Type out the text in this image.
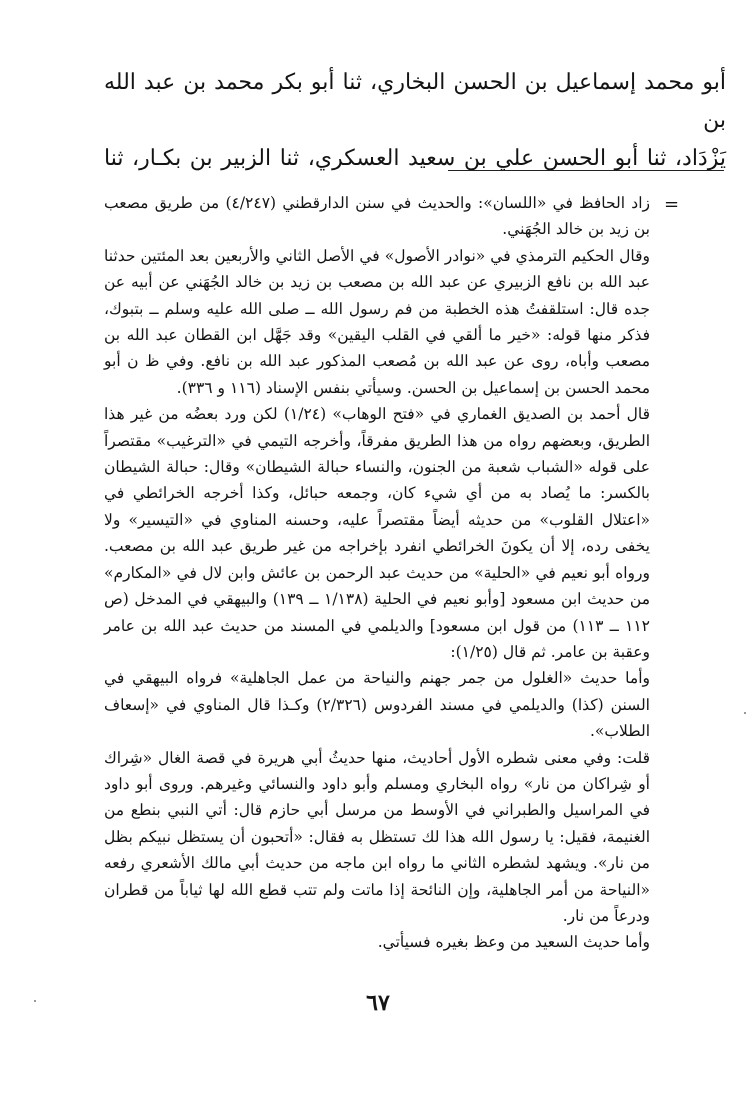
أبو محمد إسماعيل بن الحسن البخاري، ثنا أبو بكر محمد بن عبد الله بن

يَزْدَاد، ثنا أبو الحسن علي بن سعيد العسكري، ثنا الزبير بن بكـار، ثنا

=

زاد الحافظ في «اللسان»: والحديث في سنن الدارقطني (٤/٢٤٧) من طريق مصعب بن زيد بن خالد الجُهَني.

وقال الحكيم الترمذي في «نوادر الأصول» في الأصل الثاني والأربعين بعد المئتين حدثنا عبد الله بن نافع الزبيري عن عبد الله بن مصعب بن زيد بن خالد الجُهَني عن أبيه عن جده قال: استلقفتُ هذه الخطبة من فم رسول الله ــ صلى الله عليه وسلم ــ بتبوك، فذكر منها قوله: «خير ما ألقي في القلب اليقين» وقد جَهَّل ابن القطان عبد الله بن مصعب وأباه، روى عن عبد الله بن مُصعب المذكور عبد الله بن نافع. وفي ظ ن أبو محمد الحسن بن إسماعيل بن الحسن. وسيأتي بنفس الإسناد (١١٦ و ٣٣٦).

قال أحمد بن الصديق الغماري في «فتح الوهاب» (١/٢٤) لكن ورد بعضُه من غير هذا الطريق، وبعضهم رواه من هذا الطريق مفرقاً، وأخرجه التيمي في «الترغيب» مقتصراً على قوله «الشباب شعبة من الجنون، والنساء حبالة الشيطان» وقال: حبالة الشيطان بالكسر: ما يُصاد به من أي شيء كان، وجمعه حبائل، وكذا أخرجه الخرائطي في «اعتلال القلوب» من حديثه أيضاً مقتصراً عليه، وحسنه المناوي في «التيسير» ولا يخفى رده، إلا أن يكونَ الخرائطي انفرد بإخراجه من غير طريق عبد الله بن مصعب. ورواه أبو نعيم في «الحلية» من حديث عبد الرحمن بن عائش وابن لال في «المكارم» من حديث ابن مسعود [وأبو نعيم في الحلية (١/١٣٨ ــ ١٣٩) والبيهقي في المدخل (ص ١١٢ ــ ١١٣) من قول ابن مسعود] والديلمي في المسند من حديث عبد الله بن عامر وعقبة بن عامر. ثم قال (١/٢٥):

وأما حديث «الغلول من جمر جهنم والنياحة من عمل الجاهلية» فرواه البيهقي في السنن (كذا) والديلمي في مسند الفردوس (٢/٣٢٦) وكـذا قال المناوي في «إسعاف الطلاب».

قلت: وفي معنى شطره الأول أحاديث، منها حديثُ أبي هريرة في قصة الغال «شِراك أو شِراكان من نار» رواه البخاري ومسلم وأبو داود والنسائي وغيرهم. وروى أبو داود في المراسيل والطبراني في الأوسط من مرسل أبي حازم قال: أتي النبي بنطع من الغنيمة، فقيل: يا رسول الله هذا لك تستظل به فقال: «أتحبون أن يستظل نبيكم بظل من نار». ويشهد لشطره الثاني ما رواه ابن ماجه من حديث أبي مالك الأشعري رفعه «النياحة من أمر الجاهلية، وإن النائحة إذا ماتت ولم تتب قطع الله لها ثياباً من قطران ودرعاً من نار.

وأما حديث السعيد من وعظ بغيره فسيأتي.

٦٧
